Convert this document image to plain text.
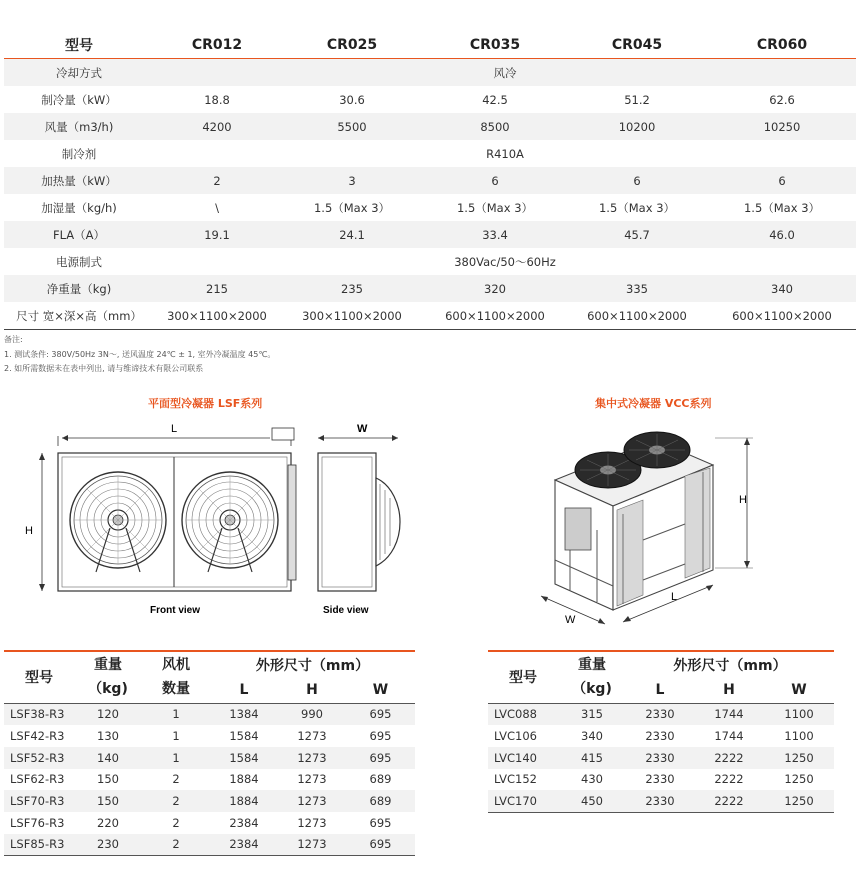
型号	CR012	CR025	CR035	CR045	CR060
冷却方式	风冷				
制冷量（kW）	18.8	30.6	42.5	51.2	62.6
风量（m3/h)	4200	5500	8500	10200	10250
制冷剂	R410A				
加热量（kW）	2	3	6	6	6
加湿量（kg/h)	\	1.5（Max 3）	1.5（Max 3）	1.5（Max 3）	1.5（Max 3）
FLA（A）	19.1	24.1	33.4	45.7	46.0
电源制式	380Vac/50～60Hz				
净重量（kg)	215	235	320	335	340
尺寸 宽×深×高（mm）	300×1100×2000	300×1100×2000	600×1100×2000	600×1100×2000	600×1100×2000
备注:
1. 测试条件: 380V/50Hz 3N～, 送风温度 24℃ ± 1, 室外冷凝温度 45℃。
2. 如所需数据未在表中列出, 请与维谛技术有限公司联系
平面型冷凝器 LSF系列	集中式冷凝器 VCC系列
L
H
Front view
W
Side view
H
L
W
型号	重量
（kg)	风机
数量	外形尺寸（mm）		
			L	H	W
LSF38-R3	120	1	1384	990	695
LSF42-R3	130	1	1584	1273	695
LSF52-R3	140	1	1584	1273	695
LSF62-R3	150	2	1884	1273	689
LSF70-R3	150	2	1884	1273	689
LSF76-R3	220	2	2384	1273	695
LSF85-R3	230	2	2384	1273	695
型号	重量
（kg)	外形尺寸（mm）		
		L	H	W
LVC088	315	2330	1744	1100
LVC106	340	2330	1744	1100
LVC140	415	2330	2222	1250
LVC152	430	2330	2222	1250
LVC170	450	2330	2222	1250
